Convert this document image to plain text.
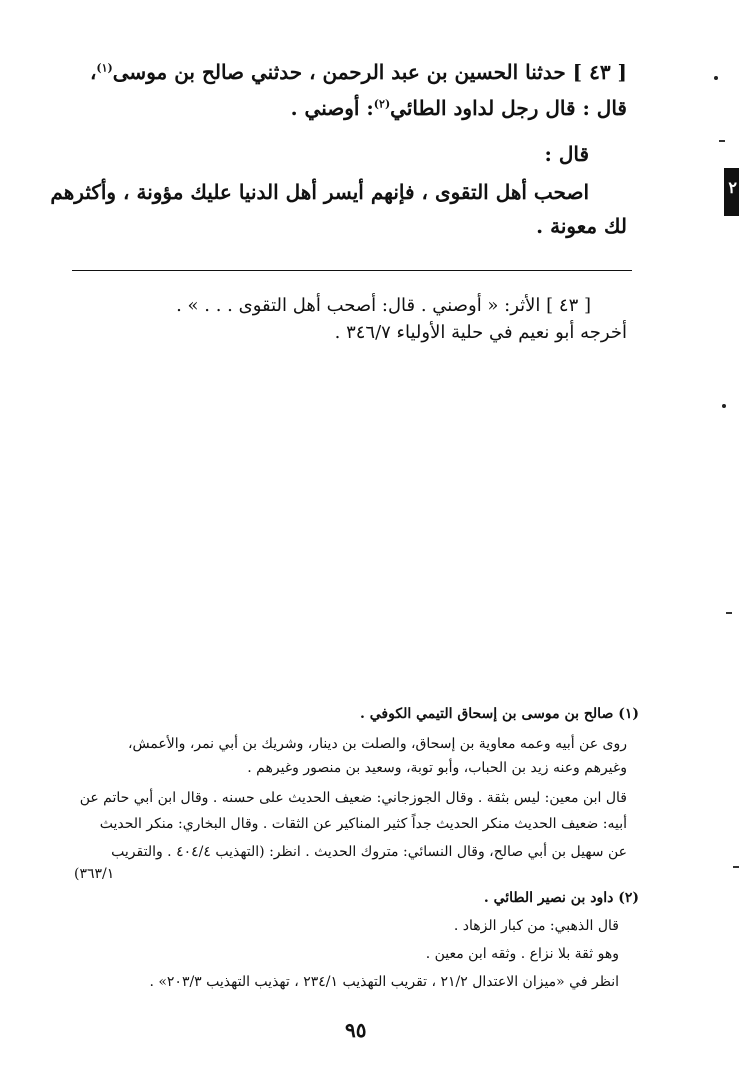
[ ٤٣ ] حدثنا الحسين بن عبد الرحمن ، حدثني صالح بن موسى$^{(١)}$،
قال : قال رجل لداود الطائي$^{(٢)}$: أوصني .
قال :
اصحب أهل التقوى ، فإنهم أيسر أهل الدنيا عليك مؤونة ، وأكثرهم
لك معونة .
[ ٤٣ ] الأثر: « أوصني . قال: أصحب أهل التقوى . . . » .
أخرجه أبو نعيم في حلية الأولياء ٣٤٦/٧ .
(١) صالح بن موسى بن إسحاق التيمي الكوفي .
روى عن أبيه وعمه معاوية بن إسحاق، والصلت بن دينار، وشريك بن أبي نمر، والأعمش،
وغيرهم وعنه زيد بن الحباب، وأبو توبة، وسعيد بن منصور وغيرهم .
قال ابن معين: ليس بثقة . وقال الجوزجاني: ضعيف الحديث على حسنه . وقال ابن أبي حاتم عن
أبيه: ضعيف الحديث منكر الحديث جداً كثير المناكير عن الثقات . وقال البخاري: منكر الحديث
عن سهيل بن أبي صالح، وقال النسائي: متروك الحديث . انظر: (التهذيب ٤٠٤/٤ . والتقريب
٣٦٣/١)
(٢) داود بن نصير الطائي .
قال الذهبي: من كبار الزهاد .
وهو ثقة بلا نزاع . وثقه ابن معين .
انظر في «ميزان الاعتدال ٢١/٢ ، تقريب التهذيب ٢٣٤/١ ، تهذيب التهذيب ٢٠٣/٣» .
٩٥
٢
